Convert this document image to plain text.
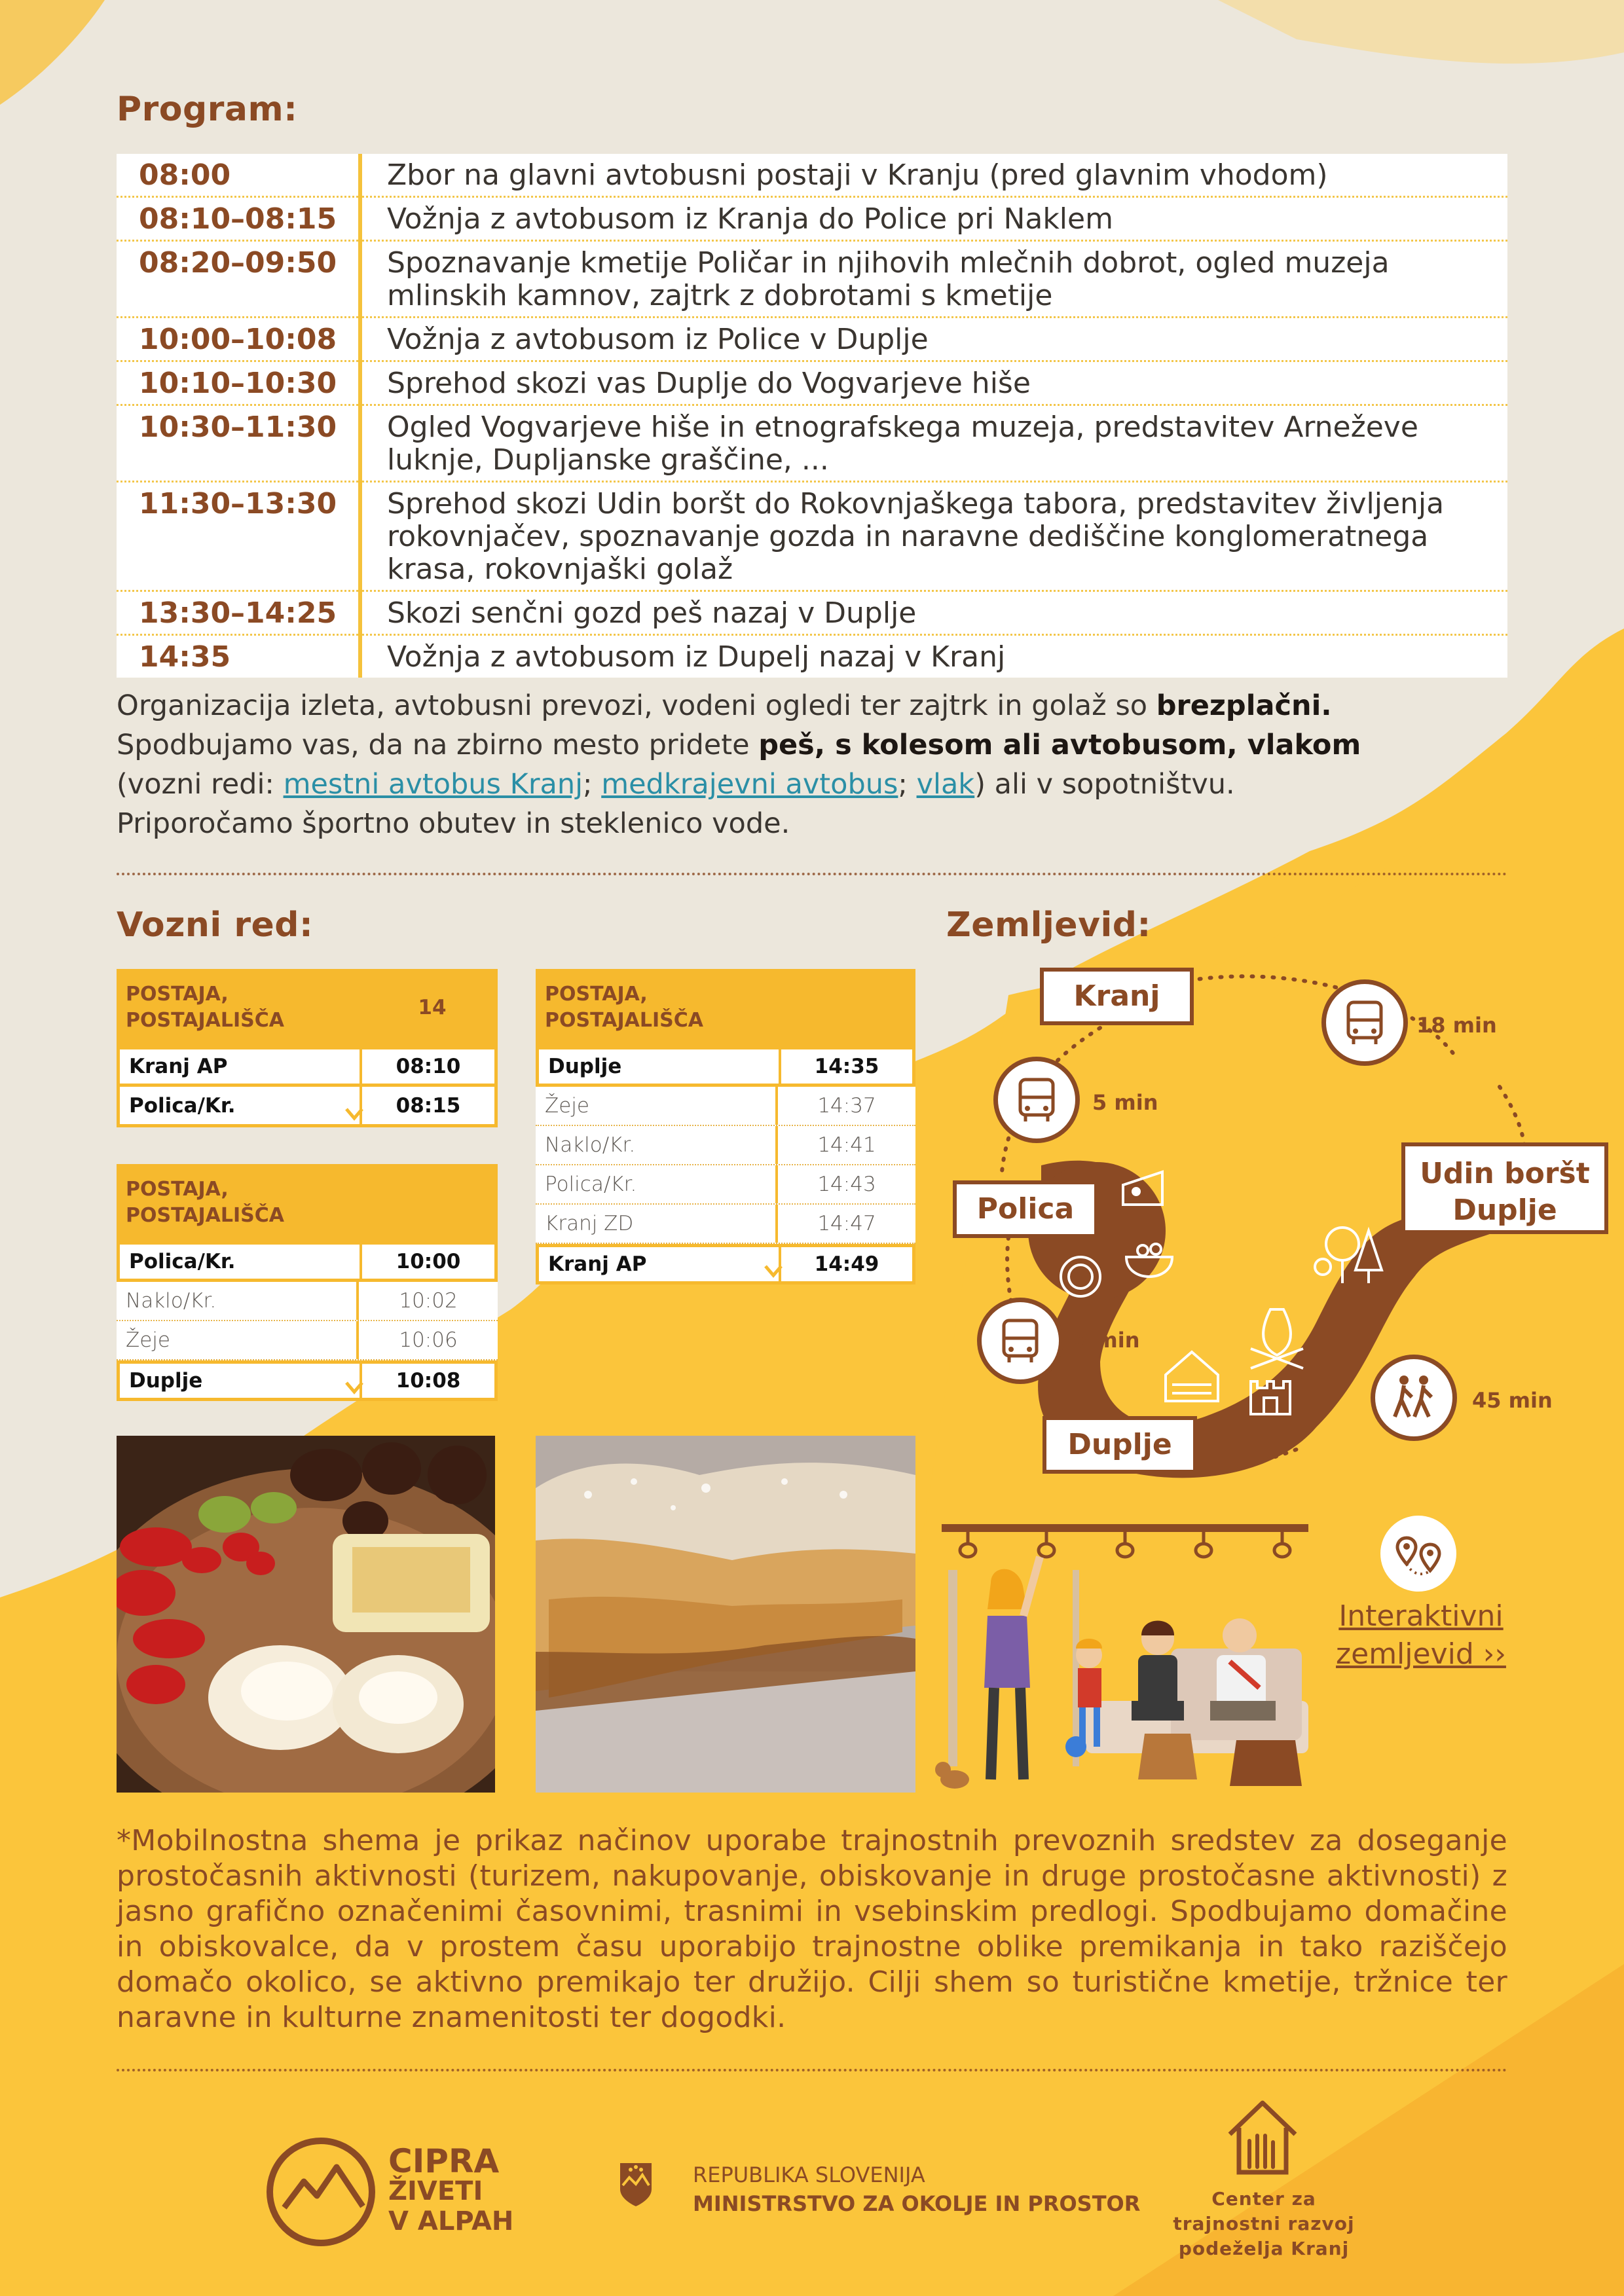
Program:
08:00	Zbor na glavni avtobusni postaji v Kranju (pred glavnim vhodom)
08:10–08:15	Vožnja z avtobusom iz Kranja do Police pri Naklem
08:20–09:50	Spoznavanje kmetije Poličar in njihovih mlečnih dobrot, ogled muzeja mlinskih kamnov, zajtrk z dobrotami s kmetije
10:00–10:08	Vožnja z avtobusom iz Police v Duplje
10:10–10:30	Sprehod skozi vas Duplje do Vogvarjeve hiše
10:30–11:30	Ogled Vogvarjeve hiše in etnografskega muzeja, predstavitev Arneževe luknje, Dupljanske graščine, ...
11:30–13:30	Sprehod skozi Udin boršt do Rokovnjaškega tabora, predstavitev življenja rokovnjačev, spoznavanje gozda in naravne dediščine konglomeratnega krasa, rokovnjaški golaž
13:30–14:25	Skozi senčni gozd peš nazaj v Duplje
14:35	Vožnja z avtobusom iz Dupelj nazaj v Kranj
Organizacija izleta, avtobusni prevozi, vodeni ogledi ter zajtrk in golaž so brezplačni.
Spodbujamo vas, da na zbirno mesto pridete peš, s kolesom ali avtobusom, vlakom
(vozni redi: mestni avtobus Kranj; medkrajevni avtobus; vlak) ali v sopotništvu.
Priporočamo športno obutev in steklenico vode.
Vozni red:
POSTAJA,
POSTAJALIŠČA
14
Kranj AP	08:10
Polica/Kr.	08:15
POSTAJA,
POSTAJALIŠČA
Polica/Kr.	10:00
Naklo/Kr.	10:02
Žeje	10:06
Duplje	10:08
POSTAJA,
POSTAJALIŠČA
Duplje	14:35
Žeje	14:37
Naklo/Kr.	14:41
Polica/Kr.	14:43
Kranj ZD	14:47
Kranj AP	14:49
Zemljevid:
Kranj
Polica
Duplje
Udin boršt
Duplje
18 min
5 min
8 min
45 min
Interaktivni
zemljevid ››
*Mobilnostna shema je prikaz načinov uporabe trajnostnih prevoznih sredstev za doseganje prostočasnih aktivnosti (turizem, nakupovanje, obiskovanje in druge prostočasne aktivnosti) z jasno grafično označenimi časovnimi, trasnimi in vsebinskim predlogi. Spodbujamo domačine in obiskovalce, da v prostem času uporabijo trajnostne oblike premikanja in tako raziščejo domačo okolico, se aktivno premikajo ter družijo. Cilji shem so turistične kmetije, tržnice ter naravne in kulturne znamenitosti ter dogodki.
CIPRA
ŽIVETI
V ALPAH
REPUBLIKA SLOVENIJA
MINISTRSTVO ZA OKOLJE IN PROSTOR	Center za
trajnostni razvoj
podeželja Kranj
